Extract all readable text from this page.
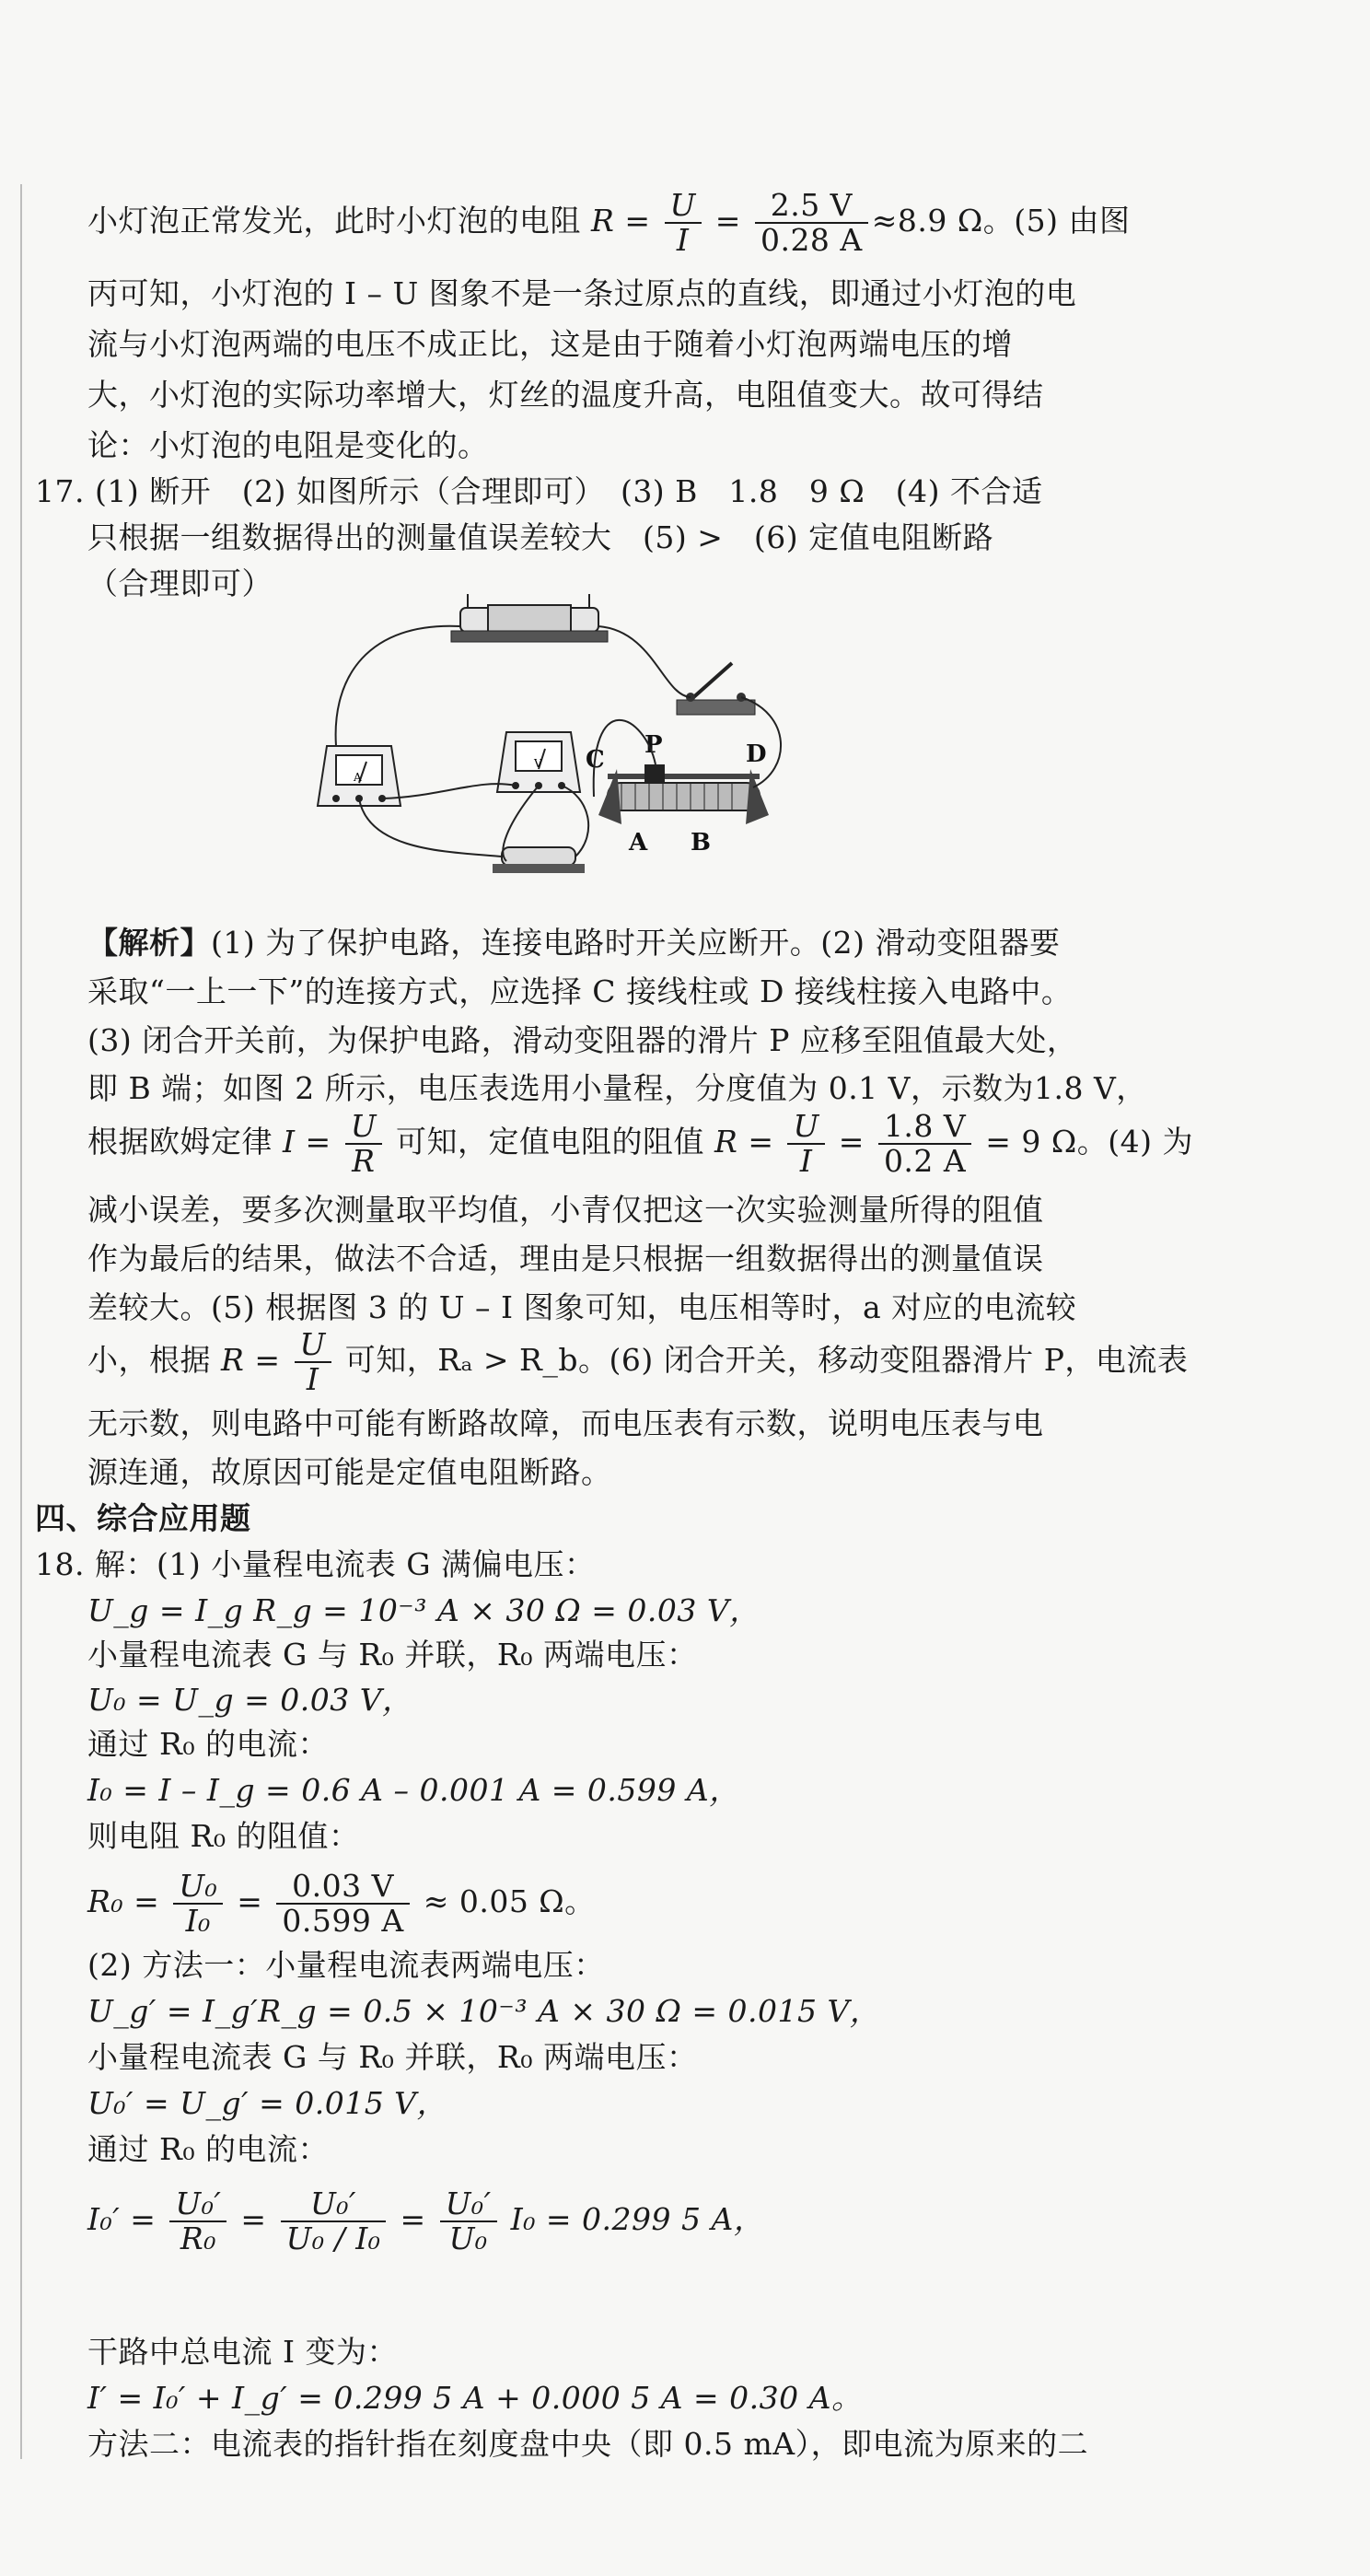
小灯泡正常发光，此时小灯泡的电阻 $R = \frac{U}{I} = \frac{2.5 V}{0.28 A} \approx 8.9$ Ω。(5) 由图
丙可知，小灯泡的 I – U 图象不是一条过原点的直线，即通过小灯泡的电
流与小灯泡两端的电压不成正比，这是由于随着小灯泡两端电压的增
大，小灯泡的实际功率增大，灯丝的温度升高，电阻值变大。故可得结
论：小灯泡的电阻是变化的。
17. (1) 断开　(2) 如图所示（合理即可）　(3) B　1.8　9 Ω　(4) 不合适
只根据一组数据得出的测量值误差较大　(5) >　(6) 定值电阻断路
（合理即可）
A
V C
P	D
A B
【解析】(1) 为了保护电路，连接电路时开关应断开。(2) 滑动变阻器要
采取“一上一下”的连接方式，应选择 C 接线柱或 D 接线柱接入电路中。
(3) 闭合开关前，为保护电路，滑动变阻器的滑片 P 应移至阻值最大处，
即 B 端；如图 2 所示，电压表选用小量程，分度值为 0.1 V，示数为1.8 V，
根据欧姆定律 $I = \frac{U}{R}$ 可知，定值电阻的阻值 $R = \frac{U}{I} = \frac{1.8 V}{0.2 A} = 9$ Ω。(4) 为
减小误差，要多次测量取平均值，小青仅把这一次实验测量所得的阻值
作为最后的结果，做法不合适，理由是只根据一组数据得出的测量值误
差较大。(5) 根据图 3 的 U – I 图象可知，电压相等时，a 对应的电流较
小，根据 $R = \frac{U}{I}$ 可知，Rₐ > R_b。(6) 闭合开关，移动变阻器滑片 P，电流表
无示数，则电路中可能有断路故障，而电压表有示数，说明电压表与电
源连通，故原因可能是定值电阻断路。
四、综合应用题
18. 解：(1) 小量程电流表 G 满偏电压：
U_g = I_g R_g = 10⁻³ A × 30 Ω = 0.03 V，
小量程电流表 G 与 R₀ 并联，R₀ 两端电压：
U₀ = U_g = 0.03 V，
通过 R₀ 的电流：
I₀ = I – I_g = 0.6 A – 0.001 A = 0.599 A，
则电阻 R₀ 的阻值：
$R_0 = \frac{\text{U₀}}{\text{I₀}} = \frac{0.03 V}{0.599 A} \approx 0.05$ Ω。
(2) 方法一：小量程电流表两端电压：
U_g′ = I_g′R_g = 0.5 × 10⁻³ A × 30 Ω = 0.015 V，
小量程电流表 G 与 R₀ 并联，R₀ 两端电压：
U₀′ = U_g′ = 0.015 V，
通过 R₀ 的电流：
$I_0' = \frac{\text{U₀′}}{\text{R₀}} = \frac{\text{U₀′}}{\text{U₀ / I₀}} = \frac{\text{U₀′}}{\text{U₀}} I_0 = 0.299$ 5 A，
干路中总电流 I 变为：
I′ = I₀′ + I_g′ = 0.299 5 A + 0.000 5 A = 0.30 A。
方法二：电流表的指针指在刻度盘中央（即 0.5 mA），即电流为原来的二
